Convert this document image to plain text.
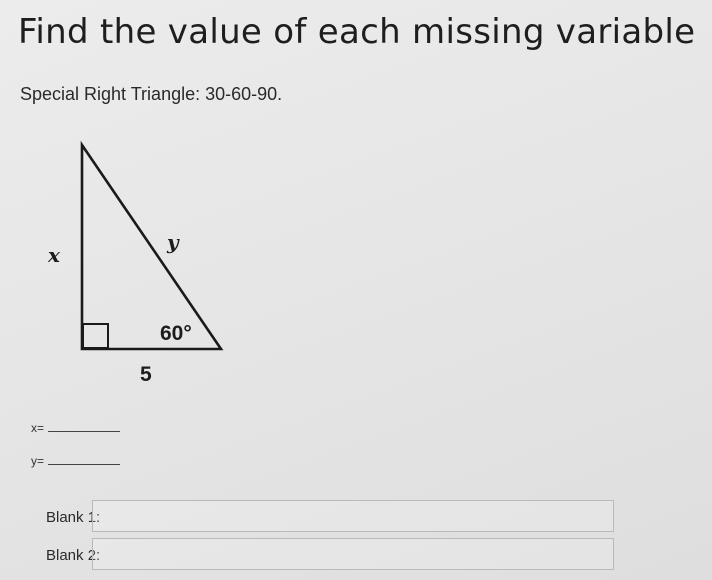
Find the value of each missing variable
Special Right Triangle: 30-60-90.
x
y
60°
5
x=
y=
Blank 1:
Blank 2:
